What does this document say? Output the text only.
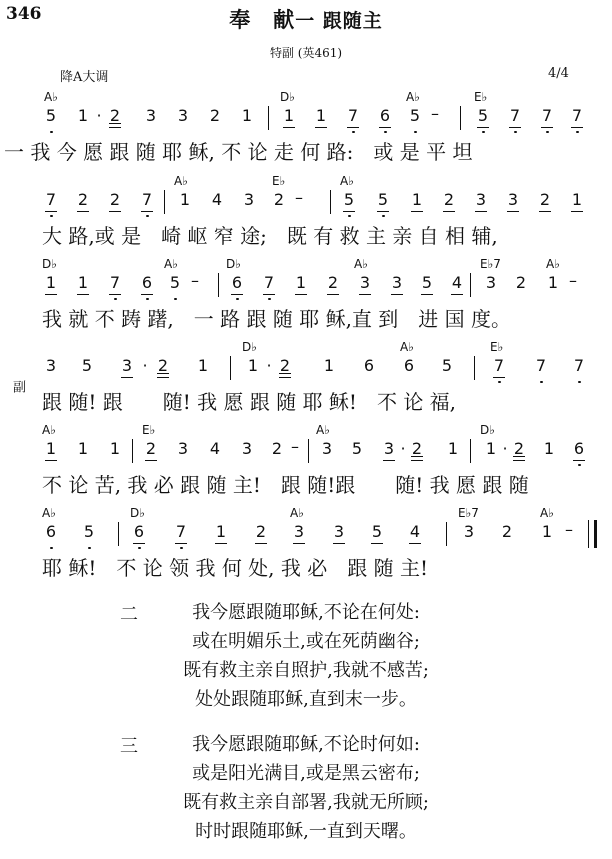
346	奉　献一 跟随主
特副 (英461)
降A大调	4/4
A♭	D♭	A♭	E♭
5 1 · 2 3 3 2 1 1 1 7 6 5 – 5 7 7 7
一 我 今 愿 跟 随 耶 稣, 不 论 走 何 路:　或 是 平 坦
A♭	E♭	A♭
7 2 2 7 1 4 3 2 –	5 5 1 2 3 3 2 1
大 路,或 是　崎 岖 窄 途;　既 有 救 主 亲 自 相 辅,
D♭	A♭	D♭	A♭	E♭7	A♭
1 1 7 6 5 – 6 7 1 2 3 3 5 4 3 2 1 –
我 就 不 踌 躇,　一 路 跟 随 耶 稣,直 到　进 国 度。
D♭	A♭	E♭
3 5 3 · 2 1 1 · 2 1 6 6 5	7 7 7
副
跟 随! 跟　　随! 我 愿 跟 随 耶 稣!　不 论 福,
A♭	E♭	A♭	D♭
1 1 1 2 3 4 3 2 – 3 5 3 · 2 1 1 · 2 1 6
不 论 苦, 我 必 跟 随 主!　跟 随!跟　　随! 我 愿 跟 随
A♭	D♭	A♭	E♭7	A♭
6 5 6 7 1 2 3 3 5 4	3 2 1 –
耶 稣!　不 论 领 我 何 处, 我 必　跟 随 主!
二	我今愿跟随耶稣,不论在何处:
或在明媚乐土,或在死荫幽谷;
既有救主亲自照护,我就不感苦;
处处跟随耶稣,直到末一步。
三	我今愿跟随耶稣,不论时何如:
或是阳光满目,或是黑云密布;
既有救主亲自部署,我就无所顾;
时时跟随耶稣,一直到天曙。
